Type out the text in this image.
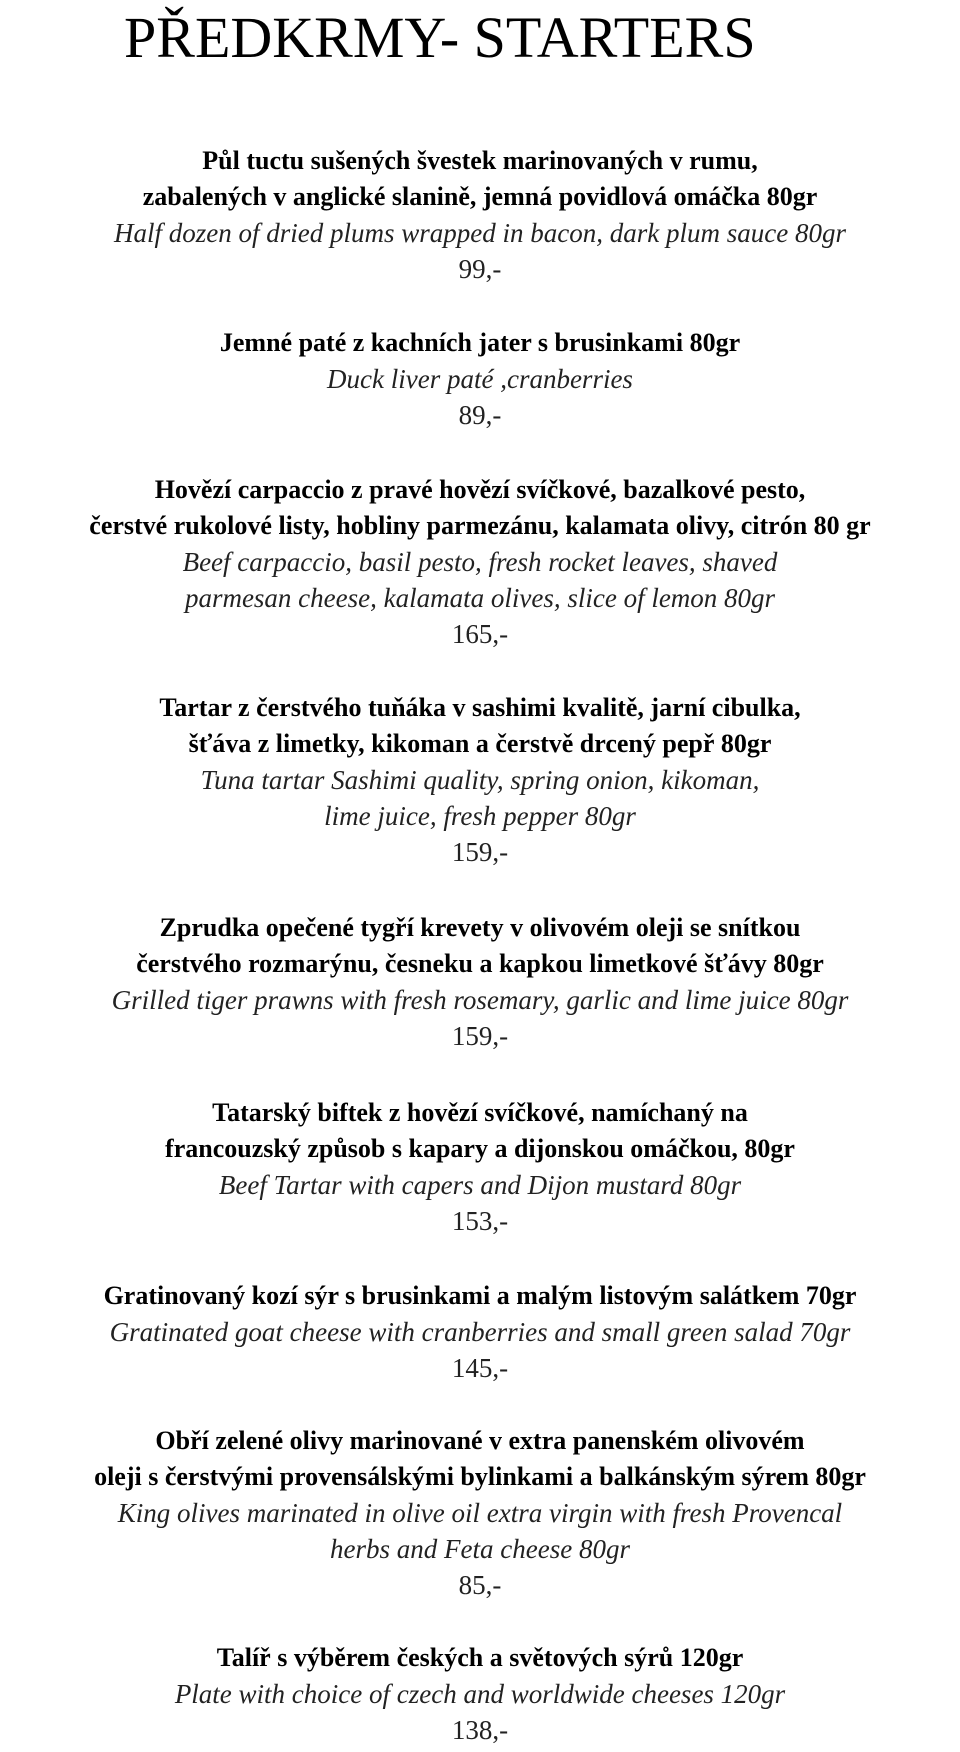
PŘEDKRMY- STARTERS
Půl tuctu sušených švestek marinovaných v rumu,
zabalených v anglické slanině, jemná povidlová omáčka 80gr
Half dozen of dried plums wrapped in bacon, dark plum sauce 80gr
99,-
Jemné paté z kachních jater s brusinkami 80gr
Duck liver paté ,cranberries
89,-
Hovězí carpaccio z pravé hovězí svíčkové, bazalkové pesto,
čerstvé rukolové listy, hobliny parmezánu, kalamata olivy, citrón 80 gr
Beef carpaccio, basil pesto, fresh rocket leaves, shaved
parmesan cheese, kalamata olives, slice of lemon 80gr
165,-
Tartar z čerstvého tuňáka v sashimi kvalitě, jarní cibulka,
šťáva z limetky, kikoman a čerstvě drcený pepř 80gr
Tuna tartar Sashimi quality, spring onion, kikoman,
lime juice, fresh pepper 80gr
159,-
Zprudka opečené tygří krevety v olivovém oleji se snítkou
čerstvého rozmarýnu, česneku a kapkou limetkové šťávy 80gr
Grilled tiger prawns with fresh rosemary, garlic and lime juice 80gr
159,-
Tatarský biftek z hovězí svíčkové, namíchaný na
francouzský způsob s kapary a dijonskou omáčkou, 80gr
Beef Tartar with capers and Dijon mustard 80gr
153,-
Gratinovaný kozí sýr s brusinkami a malým listovým salátkem 70gr
Gratinated goat cheese with cranberries and small green salad 70gr
145,-
Obří zelené olivy marinované v extra panenském olivovém
oleji s čerstvými provensálskými bylinkami a balkánským sýrem 80gr
King olives marinated in olive oil extra virgin with fresh Provencal
herbs and Feta cheese 80gr
85,-
Talíř s výběrem českých a světových sýrů 120gr
Plate with choice of czech and worldwide cheeses 120gr
138,-
